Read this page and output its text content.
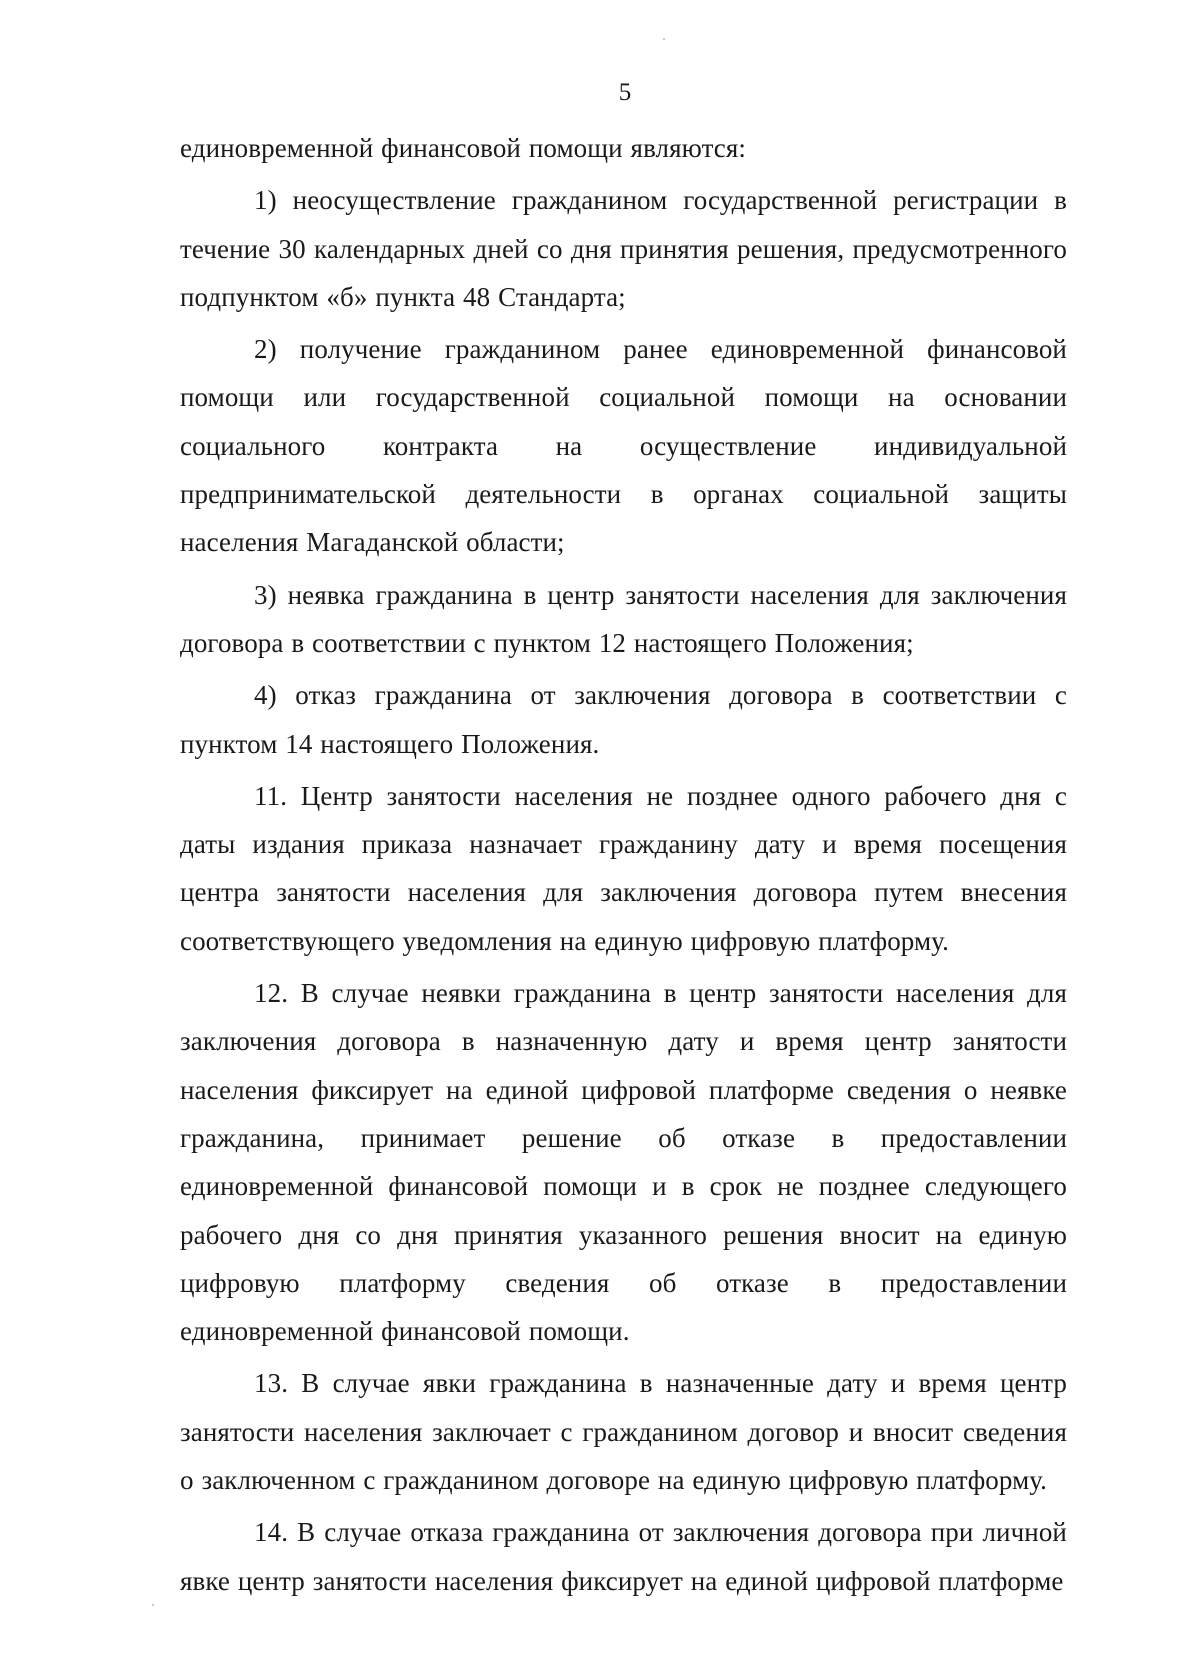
5

единовременной финансовой помощи являются:

1) неосуществление гражданином государственной регистрации в течение 30 календарных дней со дня принятия решения, предусмотренного подпунктом «б» пункта 48 Стандарта;

2) получение гражданином ранее единовременной финансовой помощи или государственной социальной помощи на основании социального контракта на осуществление индивидуальной предпринимательской деятельности в органах социальной защиты населения Магаданской области;

3) неявка гражданина в центр занятости населения для заключения договора в соответствии с пунктом 12 настоящего Положения;

4) отказ гражданина от заключения договора в соответствии с пунктом 14 настоящего Положения.

11. Центр занятости населения не позднее одного рабочего дня с даты издания приказа назначает гражданину дату и время посещения центра занятости населения для заключения договора путем внесения соответствующего уведомления на единую цифровую платформу.

12. В случае неявки гражданина в центр занятости населения для заключения договора в назначенную дату и время центр занятости населения фиксирует на единой цифровой платформе сведения о неявке гражданина, принимает решение об отказе в предоставлении единовременной финансовой помощи и в срок не позднее следующего рабочего дня со дня принятия указанного решения вносит на единую цифровую платформу сведения об отказе в предоставлении единовременной финансовой помощи.

13. В случае явки гражданина в назначенные дату и время центр занятости населения заключает с гражданином договор и вносит сведения о заключенном с гражданином договоре на единую цифровую платформу.

14. В случае отказа гражданина от заключения договора при личной явке центр занятости населения фиксирует на единой цифровой платформе
